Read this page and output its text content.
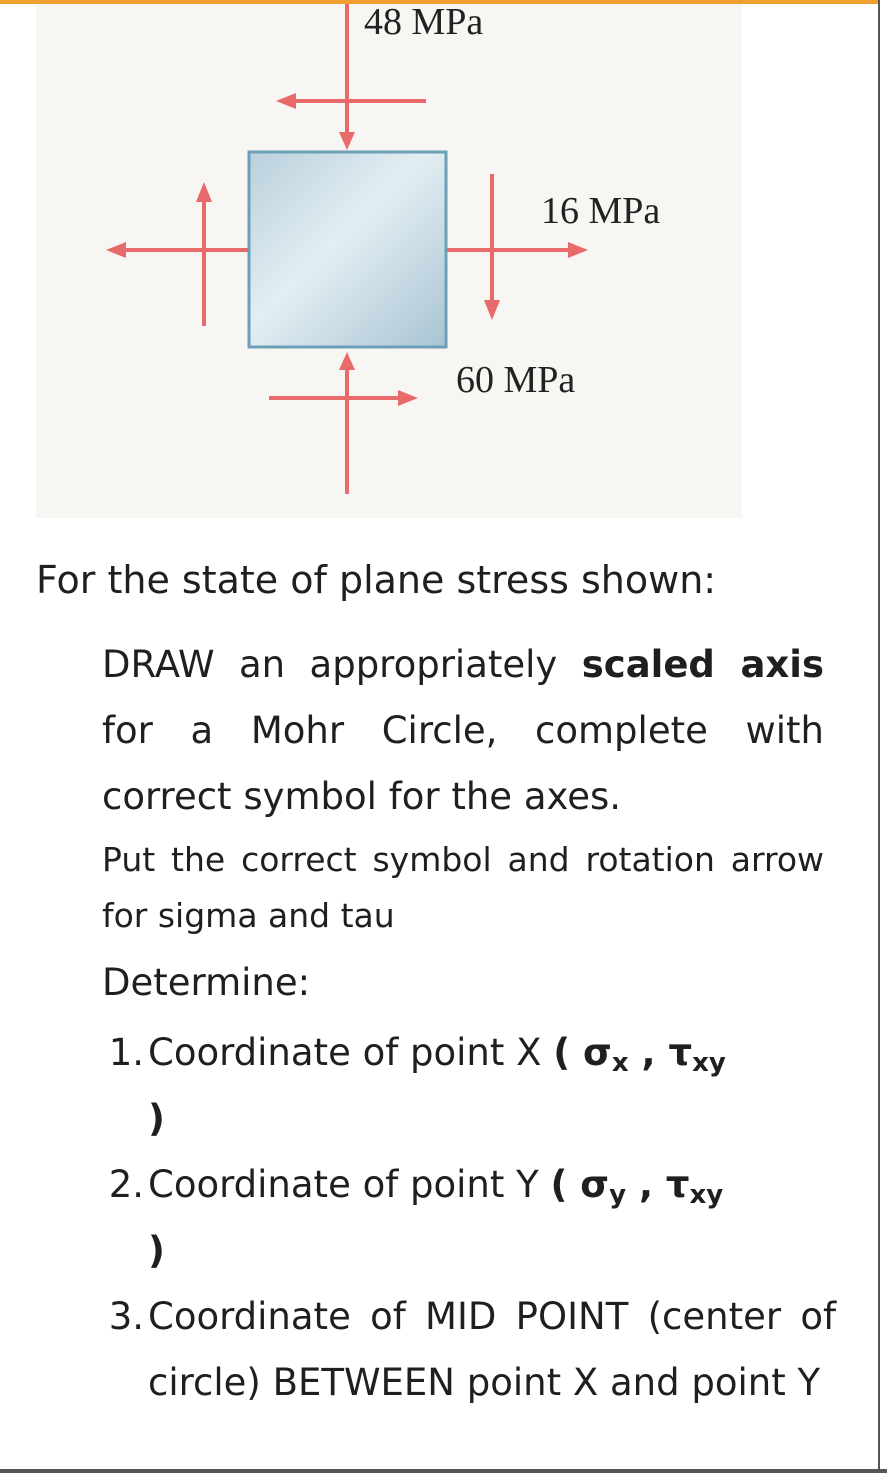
48 MPa
16 MPa
60 MPa
For the state of plane stress shown:
DRAW an appropriately scaled axis for a Mohr Circle, complete with correct symbol for the axes.
Put the correct symbol and rotation arrow for sigma and tau
Determine:
1. Coordinate of point X ( $\sigma_x$ , $\tau_{xy}$
)
2. Coordinate of point Y ( $\sigma_y$ , $\tau_{xy}$
)
3. Coordinate of MID POINT (center of circle) BETWEEN point X and point Y
